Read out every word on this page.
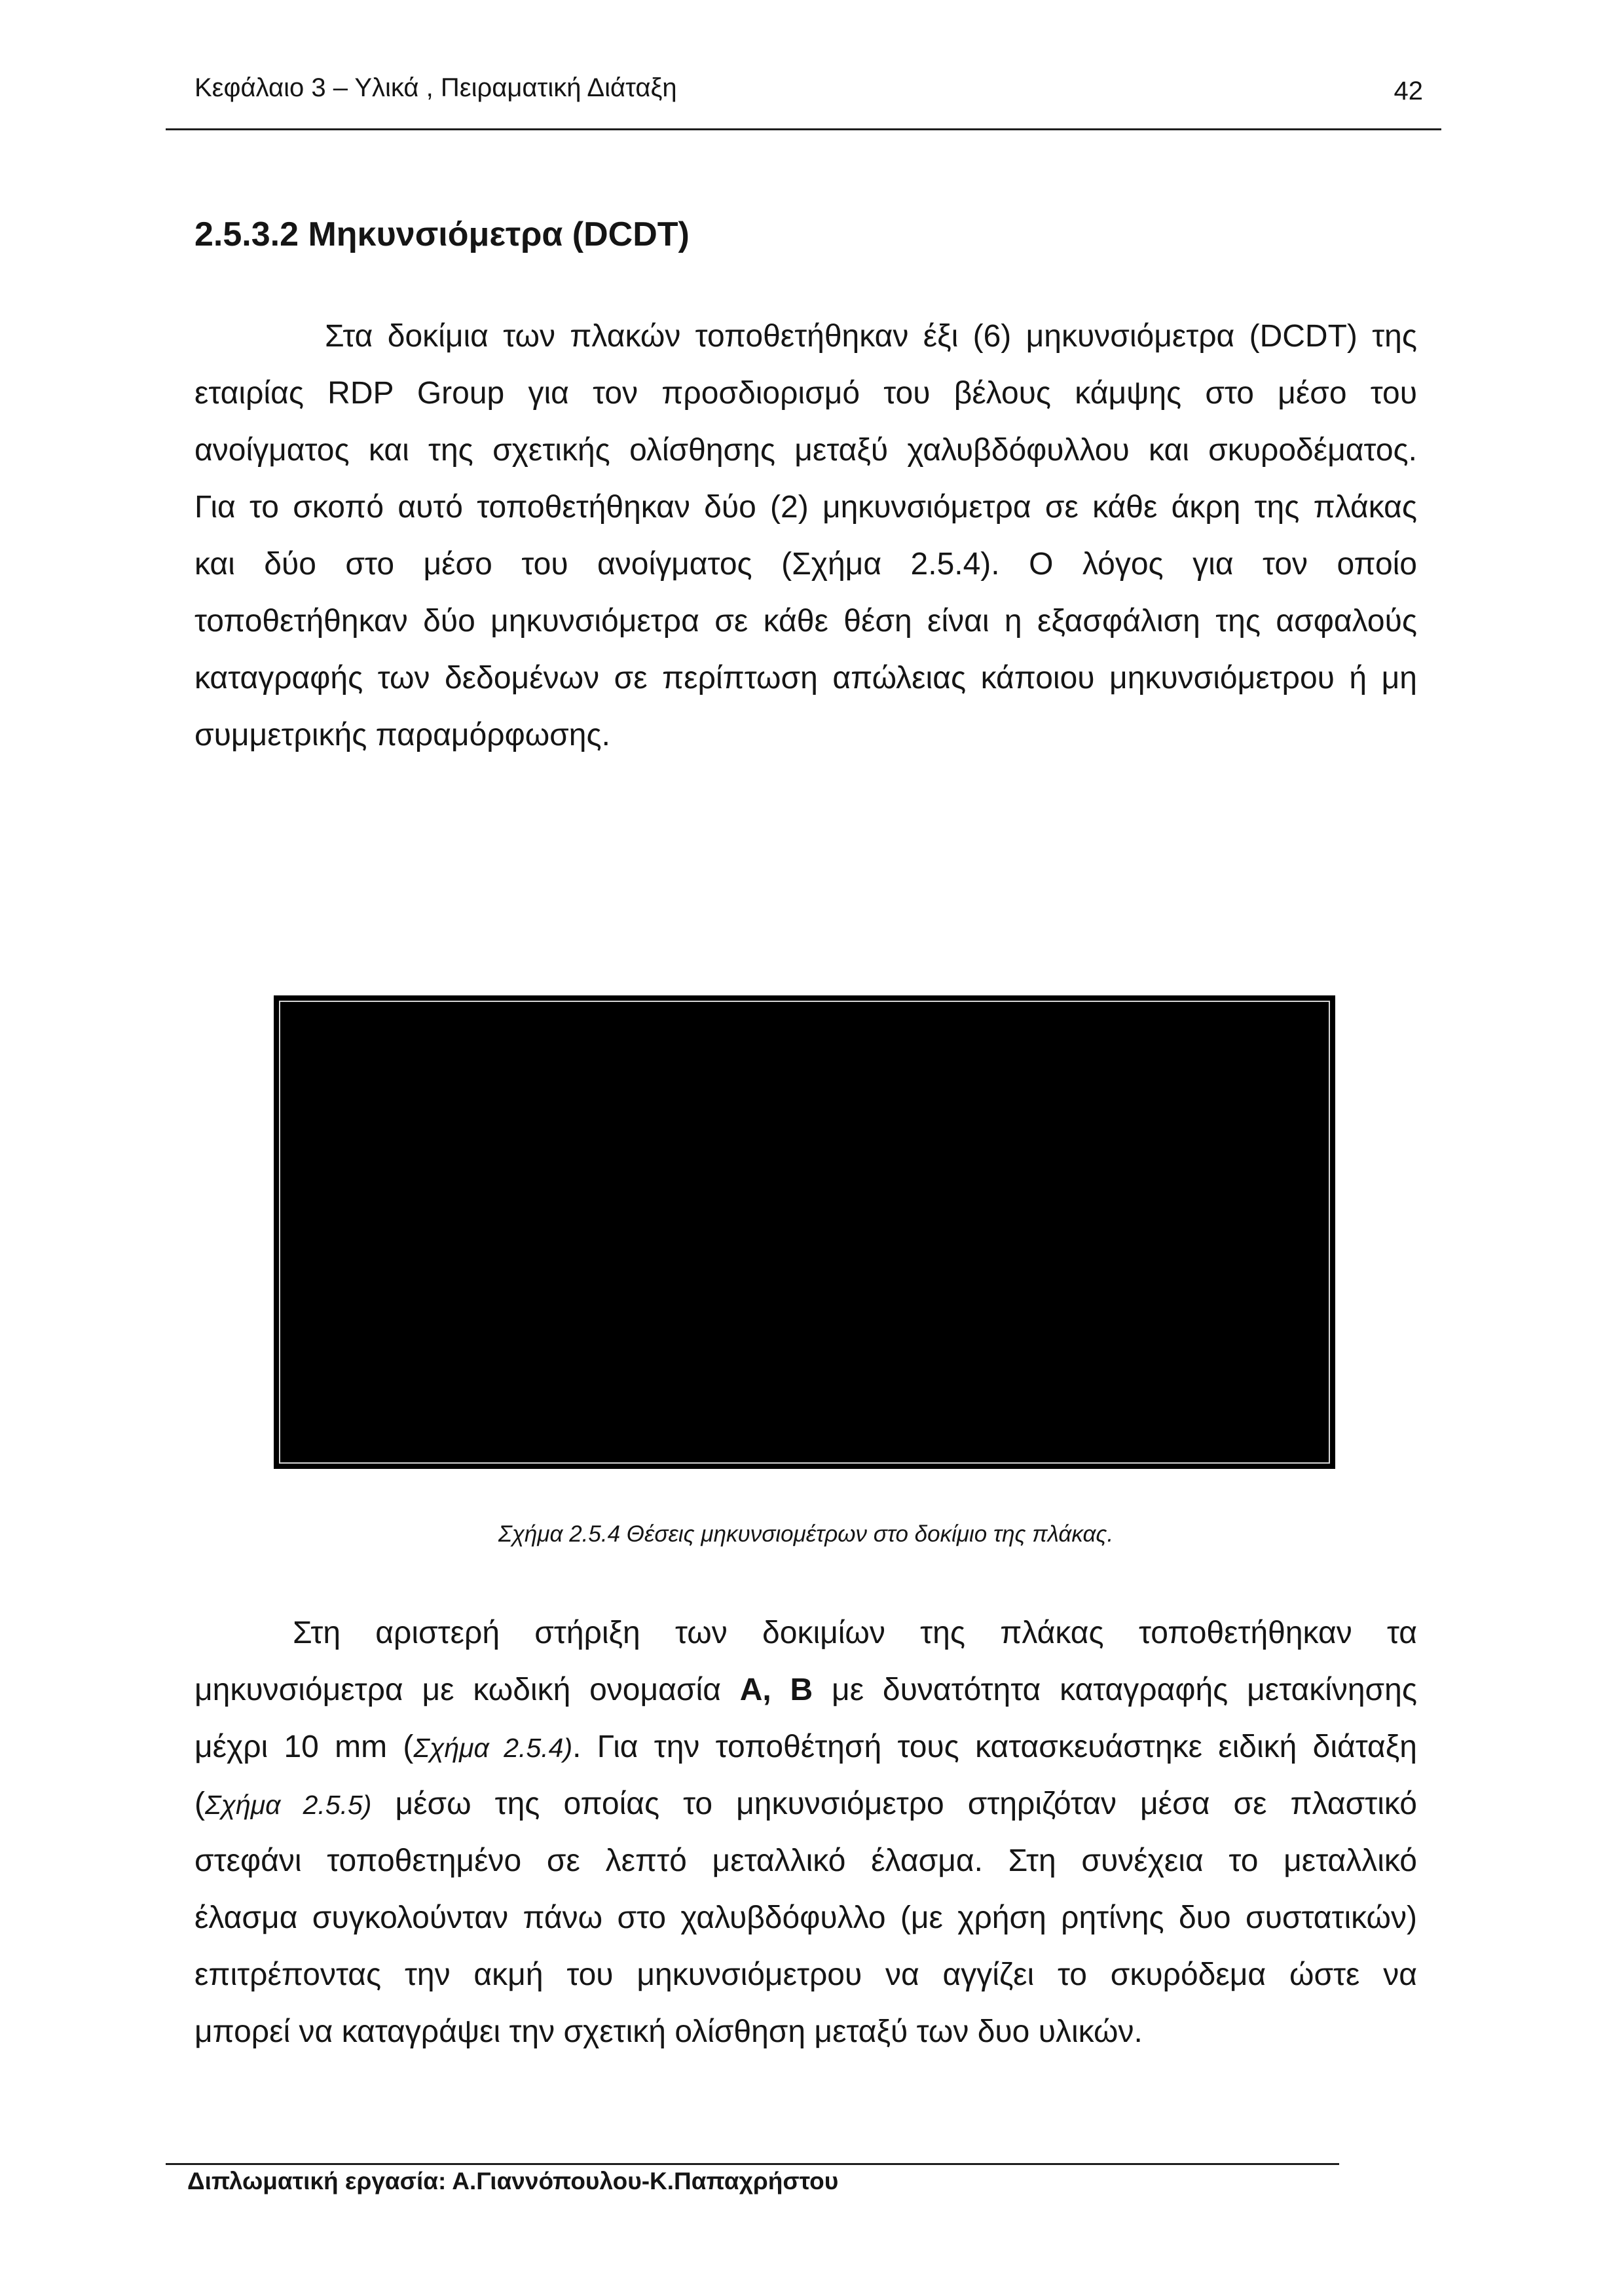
Κεφάλαιο 3 – Υλικά , Πειραματική Διάταξη	42
2.5.3.2 Μηκυνσιόμετρα (DCDT)
Στα δοκίμια των πλακών τοποθετήθηκαν έξι (6) μηκυνσιόμετρα (DCDT) της
εταιρίας RDP Group για τον προσδιορισμό του βέλους κάμψης στο μέσο του
ανοίγματος και της σχετικής ολίσθησης μεταξύ χαλυβδόφυλλου και σκυροδέματος.
Για το σκοπό αυτό τοποθετήθηκαν δύο (2) μηκυνσιόμετρα σε κάθε άκρη της πλάκας
και δύο στο μέσο του ανοίγματος (Σχήμα 2.5.4). Ο λόγος για τον οποίο
τοποθετήθηκαν δύο μηκυνσιόμετρα σε κάθε θέση είναι η εξασφάλιση της ασφαλούς
καταγραφής των δεδομένων σε περίπτωση απώλειας κάποιου μηκυνσιόμετρου ή μη
συμμετρικής παραμόρφωσης.
Σχήμα 2.5.4 Θέσεις μηκυνσιομέτρων στο δοκίμιο της πλάκας.
Στη αριστερή στήριξη των δοκιμίων της πλάκας τοποθετήθηκαν τα
μηκυνσιόμετρα με κωδική ονομασία A, B με δυνατότητα καταγραφής μετακίνησης
μέχρι 10 mm (Σχήμα 2.5.4). Για την τοποθέτησή τους κατασκευάστηκε ειδική διάταξη
(Σχήμα 2.5.5) μέσω της οποίας το μηκυνσιόμετρο στηριζόταν μέσα σε πλαστικό
στεφάνι τοποθετημένο σε λεπτό μεταλλικό έλασμα. Στη συνέχεια το μεταλλικό
έλασμα συγκολούνταν πάνω στο χαλυβδόφυλλο (με χρήση ρητίνης δυο συστατικών)
επιτρέποντας την ακμή του μηκυνσιόμετρου να αγγίζει το σκυρόδεμα ώστε να
μπορεί να καταγράψει την σχετική ολίσθηση μεταξύ των δυο υλικών.
Διπλωματική εργασία: Α.Γιαννόπουλου-Κ.Παπαχρήστου
